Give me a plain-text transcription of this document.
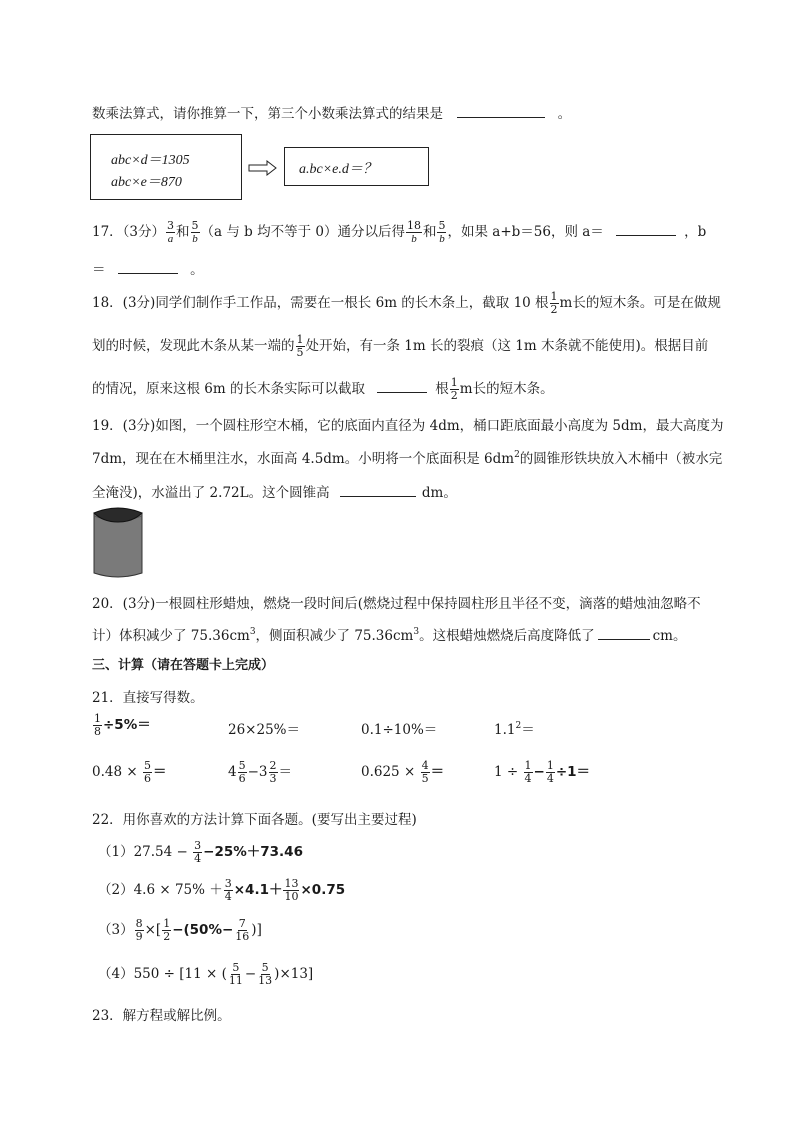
数乘法算式，请你推算一下，第三个小数乘法算式的结果是	。
abc×d＝1305
abc×e＝870
a.bc×e.d＝？
17．（3分） $\frac{3}{a}$ 和 $\frac{5}{b} (a$ 与 b 均不等于 0）通分以后得 $\frac{18}{b}$ 和 $\frac{5}{b}$ ，如果 a+b＝56，则 a＝	，b
＝	。
18．(3分)同学们制作手工作品，需要在一根长 6m 的长木条上，截取 10 根 $\frac{1}{2}$ m长的短木条。可是在做规
划的时候，发现此木条从某一端的 $\frac{1}{5}$ 处开始，有一条 1m 长的裂痕（这 1m 木条就不能使用)。根据目前
的情况，原来这根 6m 的长木条实际可以截取	根 $\frac{1}{2}$ m长的短木条。
19．(3分)如图，一个圆柱形空木桶，它的底面内直径为 4dm，桶口距底面最小高度为 5dm，最大高度为
7dm，现在在木桶里注水，水面高 4.5dm。小明将一个底面积是 $6dm^2$的圆锥形铁块放入木桶中（被水完
全淹没)，水溢出了 2.72L。这个圆锥高	dm。
20．(3分)一根圆柱形蜡烛，燃烧一段时间后(燃烧过程中保持圆柱形且半径不变，滴落的蜡烛油忽略不
计）体积减少了 $75.36cm^3$，侧面积减少了 $75.36cm^3$。这根蜡烛燃烧后高度降低了	cm。
三、计算（请在答题卡上完成）
21．直接写得数。
$\frac{1}{8} \div 5\%=$	26×25%＝	0.1÷10%＝	$1.1^2=$
$0.48 \times \frac{5}{6}$ ＝	$4 \frac{5}{6} -3 \frac{2}{3}$ ＝	$0.625 \times \frac{4}{5}$ ＝	$1 \div \frac{1}{4} - \frac{1}{4} \div 1=$
22．用你喜欢的方法计算下面各题。(要写出主要过程)
$(1)27.54 - \frac{3}{4} -25\%+73.46$
$(2)4.6 \times 75\% + \frac{3}{4} \times 4.1+ \frac{13}{10} \times 0.75$
$(3) \frac{8}{9}$ ×[ $\frac{1}{2} -(50\%- \frac{7}{16}$ )]
（4）550 ÷ [11 × ( $\frac{5}{11} - \frac{5}{13} )\times 13$]
23．解方程或解比例。
